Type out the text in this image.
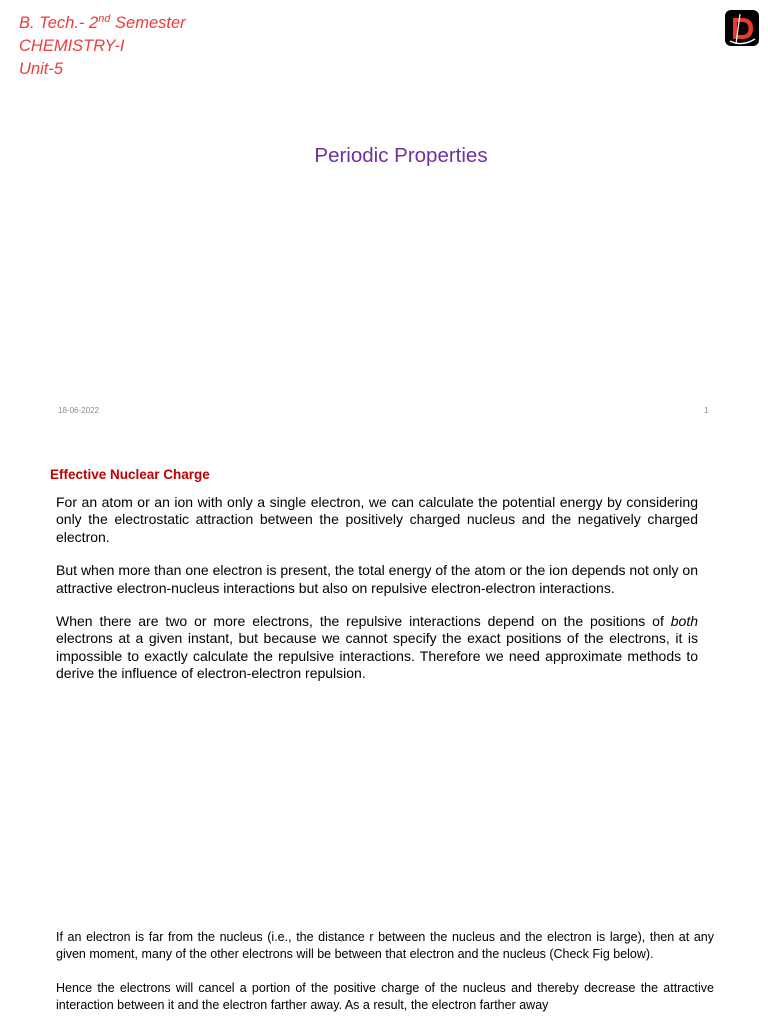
B. Tech.- 2nd Semester
CHEMISTRY-I
Unit-5
Periodic Properties
18-06-2022	1
Effective Nuclear Charge

For an atom or an ion with only a single electron, we can calculate the potential energy by considering only the electrostatic attraction between the positively charged nucleus and the negatively charged electron.

But when more than one electron is present, the total energy of the atom or the ion depends not only on attractive electron-nucleus interactions but also on repulsive electron-electron interactions.

When there are two or more electrons, the repulsive interactions depend on the positions of both electrons at a given instant, but because we cannot specify the exact positions of the electrons, it is impossible to exactly calculate the repulsive interactions. Therefore we need approximate methods to derive the influence of electron-electron repulsion.

If an electron is far from the nucleus (i.e., the distance r between the nucleus and the electron is large), then at any given moment, many of the other electrons will be between that electron and the nucleus (Check Fig below).

Hence the electrons will cancel a portion of the positive charge of the nucleus and thereby decrease the attractive interaction between it and the electron farther away. As a result, the electron farther away
